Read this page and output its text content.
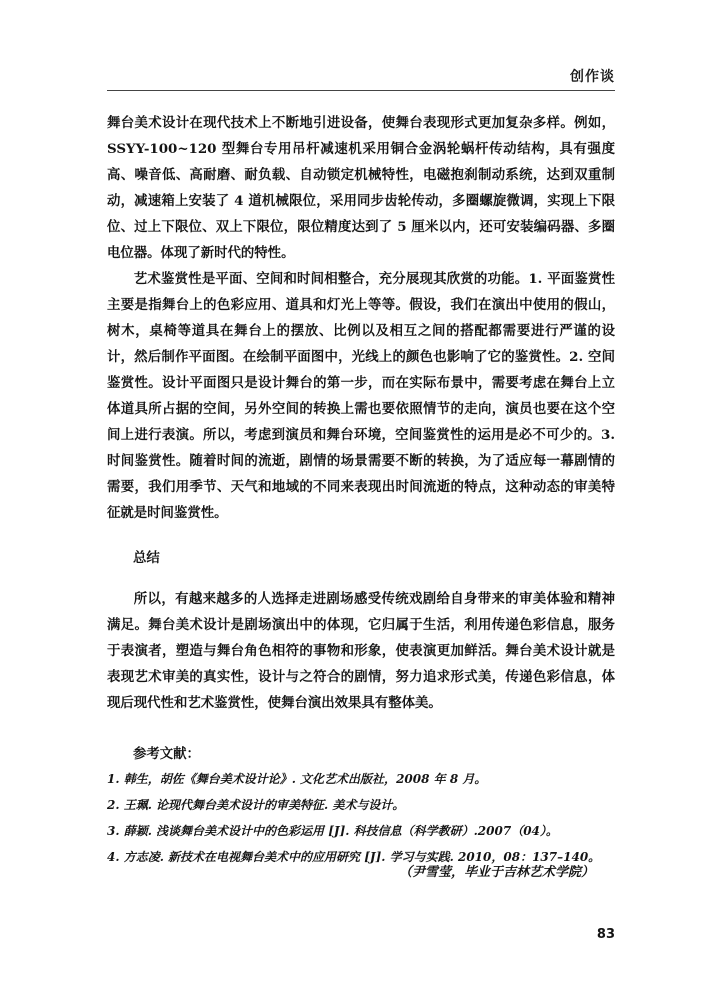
创作谈

舞台美术设计在现代技术上不断地引进设备，使舞台表现形式更加复杂多样。例如，SSYY-100~120 型舞台专用吊杆减速机采用铜合金涡轮蜗杆传动结构，具有强度高、噪音低、高耐磨、耐负载、自动锁定机械特性，电磁抱刹制动系统，达到双重制动，减速箱上安装了 4 道机械限位，采用同步齿轮传动，多圈螺旋微调，实现上下限位、过上下限位、双上下限位，限位精度达到了 5 厘米以内，还可安装编码器、多圈电位器。体现了新时代的特性。

艺术鉴赏性是平面、空间和时间相整合，充分展现其欣赏的功能。1. 平面鉴赏性主要是指舞台上的色彩应用、道具和灯光上等等。假设，我们在演出中使用的假山，树木，桌椅等道具在舞台上的摆放、比例以及相互之间的搭配都需要进行严谨的设计，然后制作平面图。在绘制平面图中，光线上的颜色也影响了它的鉴赏性。2. 空间鉴赏性。设计平面图只是设计舞台的第一步，而在实际布景中，需要考虑在舞台上立体道具所占据的空间，另外空间的转换上需也要依照情节的走向，演员也要在这个空间上进行表演。所以，考虑到演员和舞台环境，空间鉴赏性的运用是必不可少的。3. 时间鉴赏性。随着时间的流逝，剧情的场景需要不断的转换，为了适应每一幕剧情的需要，我们用季节、天气和地域的不同来表现出时间流逝的特点，这种动态的审美特征就是时间鉴赏性。

总结

所以，有越来越多的人选择走进剧场感受传统戏剧给自身带来的审美体验和精神满足。舞台美术设计是剧场演出中的体现，它归属于生活，利用传递色彩信息，服务于表演者，塑造与舞台角色相符的事物和形象，使表演更加鲜活。舞台美术设计就是表现艺术审美的真实性，设计与之符合的剧情，努力追求形式美，传递色彩信息，体现后现代性和艺术鉴赏性，使舞台演出效果具有整体美。

参考文献：
1. 韩生，胡佐《舞台美术设计论》. 文化艺术出版社，2008 年 8 月。
2. 王珮. 论现代舞台美术设计的审美特征. 美术与设计。
3. 薛颖. 浅谈舞台美术设计中的色彩运用 [J]. 科技信息（科学教研）.2007（04）。
4. 方志凌. 新技术在电视舞台美术中的应用研究 [J]. 学习与实践. 2010，08：137–140。
（尹雪莹，毕业于吉林艺术学院）
83
